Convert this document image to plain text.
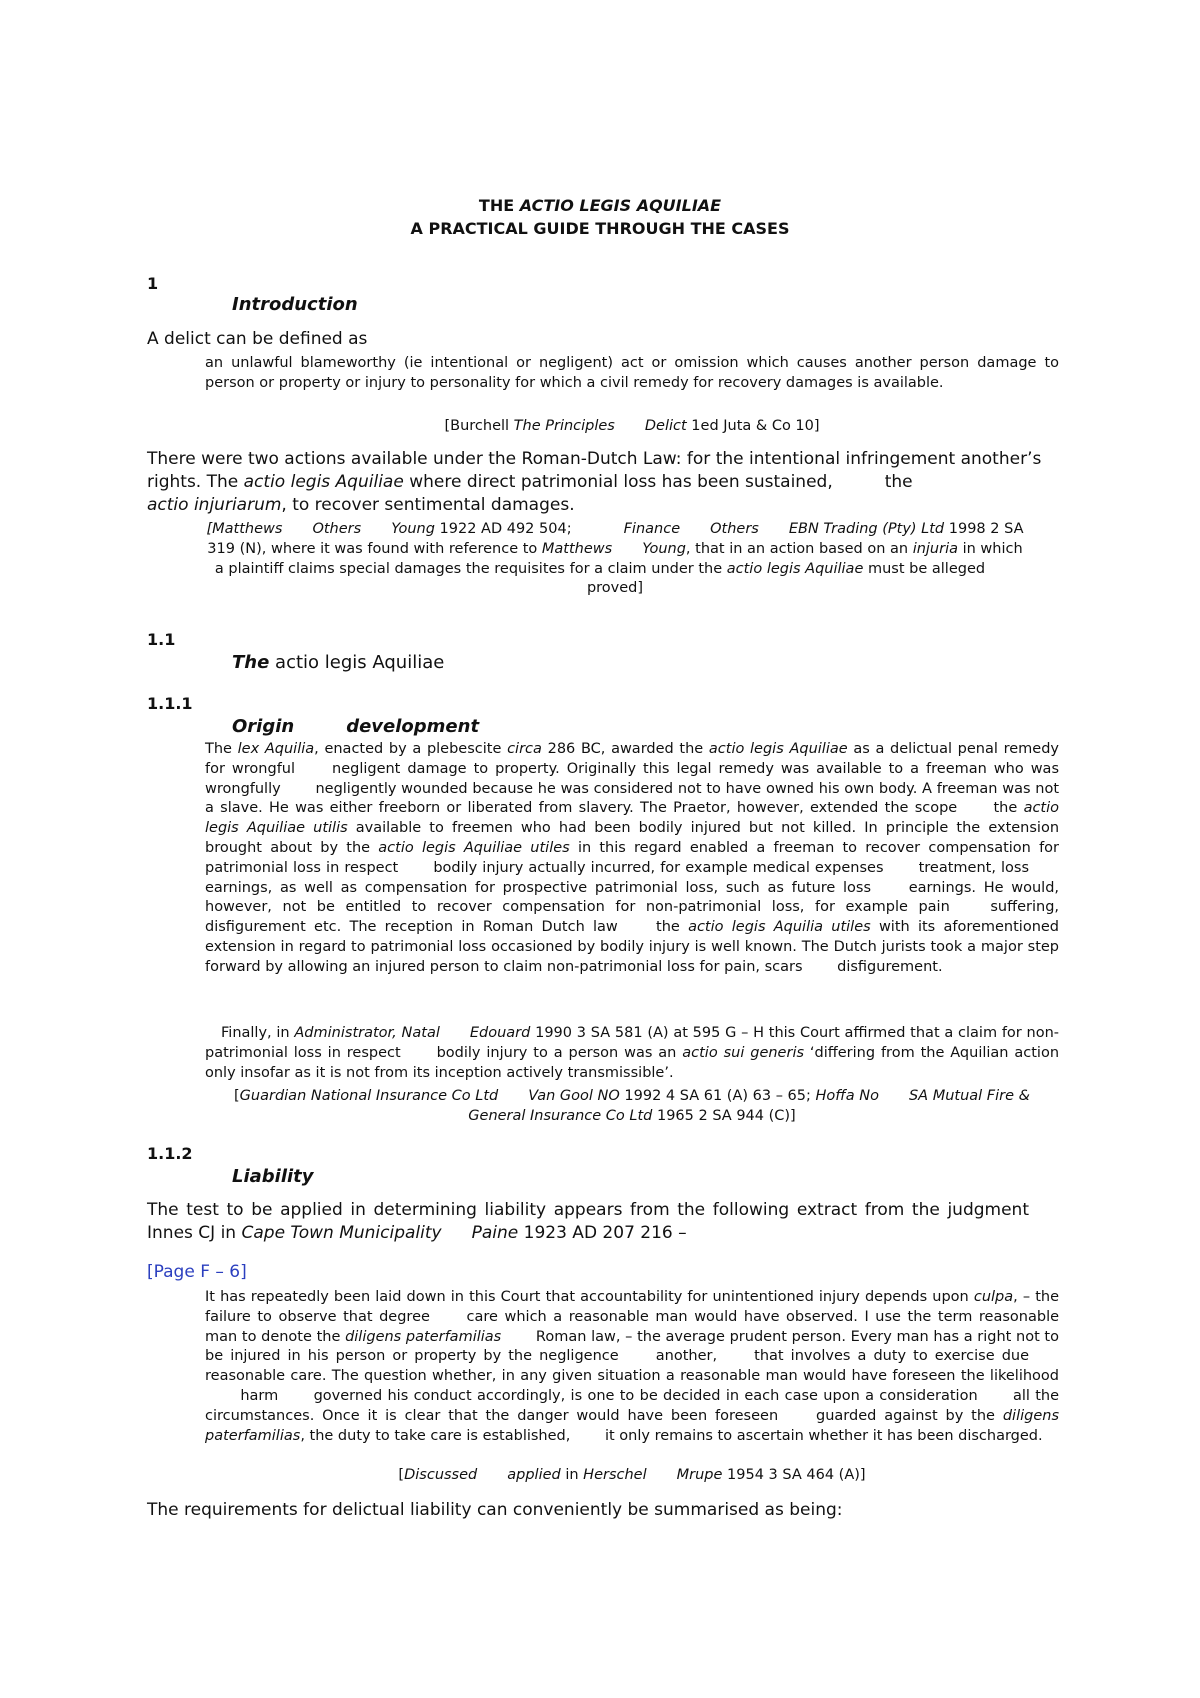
THE ACTIO LEGIS AQUILIAE
A PRACTICAL GUIDE THROUGH THE CASES
1
Introduction
A delict can be defined as
an unlawful blameworthy (ie intentional or negligent) act or omission which causes another person damage to person or property or injury to personality for which a civil remedy for recovery damages is available.
[Burchell The Principles Delict 1ed Juta & Co 10]

There were two actions available under the Roman-Dutch Law: for the intentional infringement another’s rights. The actio legis Aquiliae where direct patrimonial loss has been sustained,	the
actio injuriarum, to recover sentimental damages.

[Matthews Others Young 1922 AD 492 504;	Finance Others EBN Trading (Pty) Ltd 1998 2 SA 319 (N), where it was found with reference to Matthews Young, that in an action based on an injuria in which a plaintiff claims special damages the requisites for a claim under the actio legis Aquiliae must be allegedproved]
1.1
The actio legis Aquiliae
1.1.1
Origin	development

The lex Aquilia, enacted by a plebescite circa 286 BC, awarded the actio legis Aquiliae as a delictual penal remedy for wrongful	negligent damage to property. Originally this legal remedy was available to a freeman who was wrongfully negligently wounded because he was considered not to have owned his own body. A freeman was not a slave. He was either freeborn or liberated from slavery. The Praetor, however, extended the scope	the actio legis Aquiliae utilis available to freemen who had been bodily injured but not killed. In principle the extension brought about by the actio legis Aquiliae utiles in this regard enabled a freeman to recover compensation for patrimonial loss in respect bodily injury actually incurred, for example medical expenses treatment, loss earnings, as well as compensation for prospective patrimonial loss, such as future loss	earnings. He would, however, not be entitled to recover compensation for non-patrimonial loss, for example pain	suffering, disfigurement etc. The reception in Roman Dutch law	the actio legis Aquilia utiles with its aforementioned extension in regard to patrimonial loss occasioned by bodily injury is well known. The Dutch jurists took a major step forward by allowing an injured person to claim non-patrimonial loss for pain, scars disfigurement.

Finally, in Administrator, Natal Edouard 1990 3 SA 581 (A) at 595 G – H this Court affirmed that a claim for non-patrimonial loss in respect bodily injury to a person was an actio sui generis ‘differing from the Aquilian action only insofar as it is not from its inception actively transmissible’.

[Guardian National Insurance Co Ltd Van Gool NO 1992 4 SA 61 (A) 63 – 65; Hoffa No SA Mutual Fire & General Insurance Co Ltd 1965 2 SA 944 (C)]
1.1.2
Liability

The test to be applied in determining liability appears from the following extract from the judgment Innes CJ in Cape Town Municipality Paine 1923 AD 207 216 –

[Page F – 6]

It has repeatedly been laid down in this Court that accountability for unintentioned injury depends upon culpa, – the failure to observe that degree	care which a reasonable man would have observed. I use the term reasonable man to denote the diligens paterfamilias Roman law, – the average prudent person. Every man has a right not to be injured in his person or property by the negligence	another,	that involves a duty to exercise due reasonable care. The question whether, in any given situation a reasonable man would have foreseen the likelihood harm governed his conduct accordingly, is one to be decided in each case upon a consideration all the circumstances. Once it is clear that the danger would have been foreseen	guarded against by the diligens paterfamilias, the duty to take care is established, it only remains to ascertain whether it has been discharged.

[Discussed applied in Herschel Mrupe 1954 3 SA 464 (A)]
The requirements for delictual liability can conveniently be summarised as being:
